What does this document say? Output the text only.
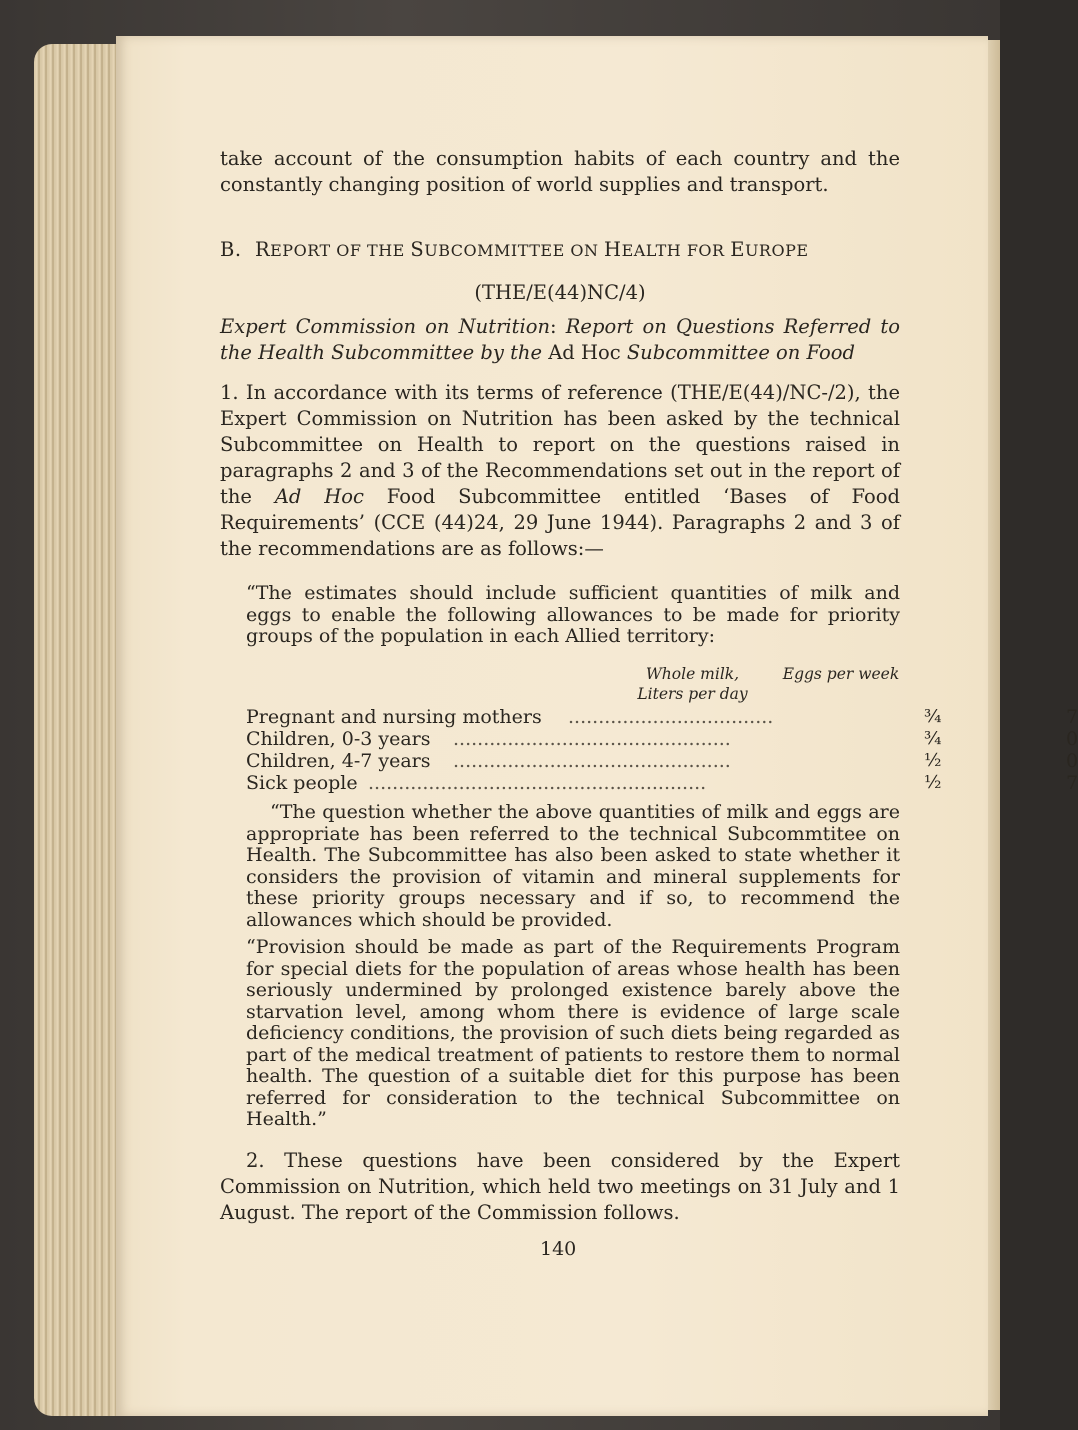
take account of the consumption habits of each country and the constantly changing position of world supplies and transport.
B. REPORT OF THE SUBCOMMITTEE ON HEALTH FOR EUROPE
(THE/E(44)NC/4)
Expert Commission on Nutrition: Report on Questions Referred to the Health Subcommittee by the Ad Hoc Subcommittee on Food
1. In accordance with its terms of reference (THE/E(44)/NC-/2), the Expert Commission on Nutrition has been asked by the technical Subcommittee on Health to report on the questions raised in paragraphs 2 and 3 of the Recommendations set out in the report of the Ad Hoc Food Subcommittee entitled ‘Bases of Food Requirements’ (CCE (44)24, 29 June 1944). Paragraphs 2 and 3 of the recommendations are as follows:—
“The estimates should include sufficient quantities of milk and eggs to enable the following allowances to be made for priority groups of the population in each Allied territory:
Whole milk,
Liters per day
Eggs per week
Pregnant and nursing mothers ..................................	¾	7
Children, 0-3 years ..............................................	¾	0
Children, 4-7 years ..............................................	½	0
Sick people ........................................................	½	7
“The question whether the above quantities of milk and eggs are appropriate has been referred to the technical Subcommtitee on Health. The Subcommittee has also been asked to state whether it considers the provision of vitamin and mineral supplements for these priority groups necessary and if so, to recommend the allowances which should be provided.
“Provision should be made as part of the Requirements Program for special diets for the population of areas whose health has been seriously undermined by prolonged existence barely above the starvation level, among whom there is evidence of large scale deficiency conditions, the provision of such diets being regarded as part of the medical treatment of patients to restore them to normal health. The question of a suitable diet for this purpose has been referred for consideration to the technical Subcommittee on Health.”
2. These questions have been considered by the Expert Commission on Nutrition, which held two meetings on 31 July and 1 August. The report of the Commission follows.
140
